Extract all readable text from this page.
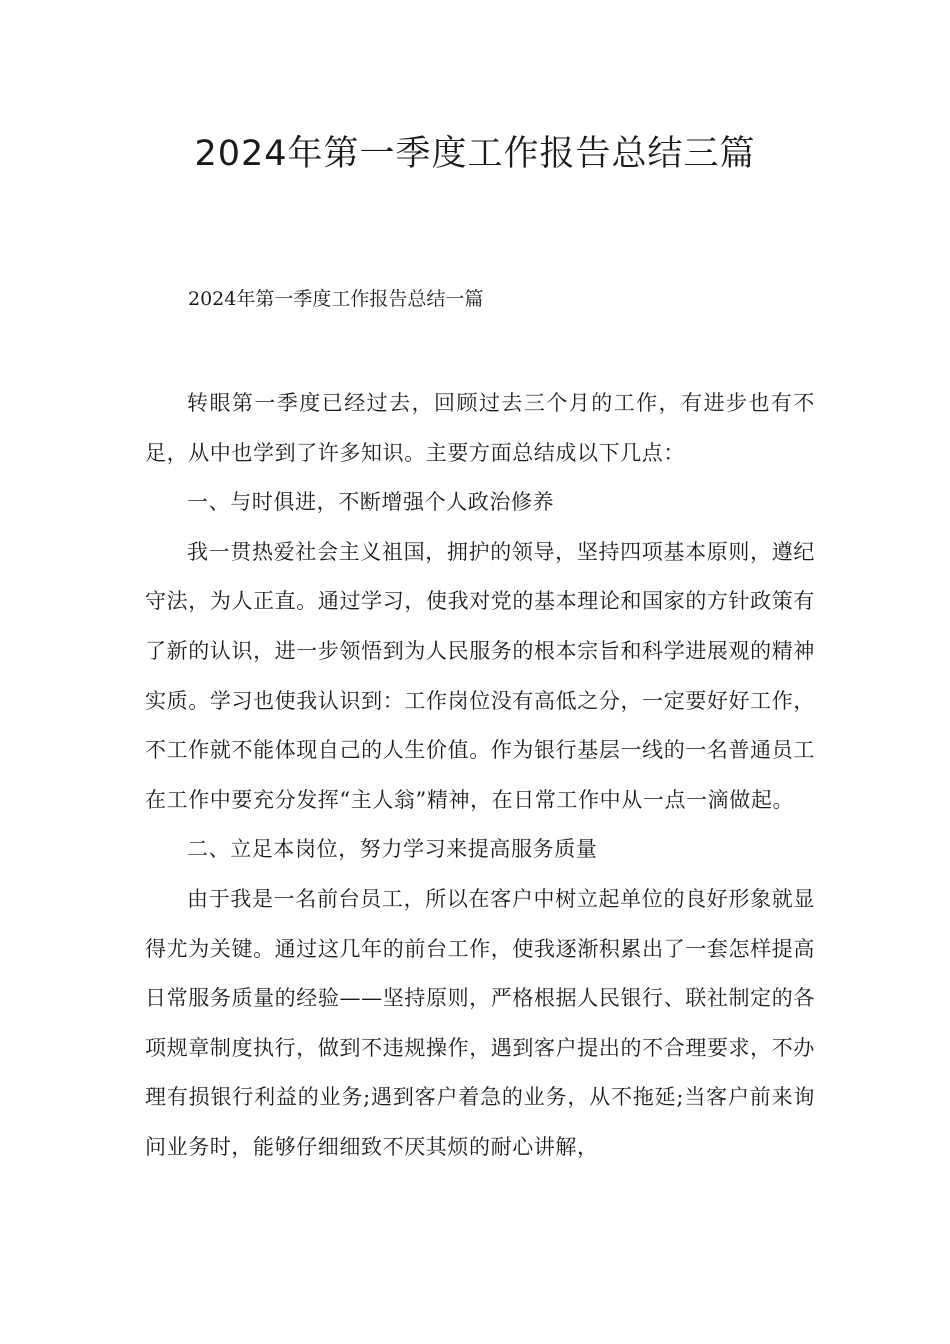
2024年第一季度工作报告总结三篇

2024年第一季度工作报告总结一篇

转眼第一季度已经过去，回顾过去三个月的工作，有进步也有不足，从中也学到了许多知识。主要方面总结成以下几点：

一、与时俱进，不断增强个人政治修养

我一贯热爱社会主义祖国，拥护的领导，坚持四项基本原则，遵纪守法，为人正直。通过学习，使我对党的基本理论和国家的方针政策有了新的认识，进一步领悟到为人民服务的根本宗旨和科学进展观的精神实质。学习也使我认识到：工作岗位没有高低之分，一定要好好工作，不工作就不能体现自己的人生价值。作为银行基层一线的一名普通员工在工作中要充分发挥“主人翁”精神，在日常工作中从一点一滴做起。

二、立足本岗位，努力学习来提高服务质量

由于我是一名前台员工，所以在客户中树立起单位的良好形象就显得尤为关键。通过这几年的前台工作，使我逐渐积累出了一套怎样提高日常服务质量的经验——坚持原则，严格根据人民银行、联社制定的各项规章制度执行，做到不违规操作，遇到客户提出的不合理要求，不办理有损银行利益的业务;遇到客户着急的业务，从不拖延;当客户前来询问业务时，能够仔细细致不厌其烦的耐心讲解，
